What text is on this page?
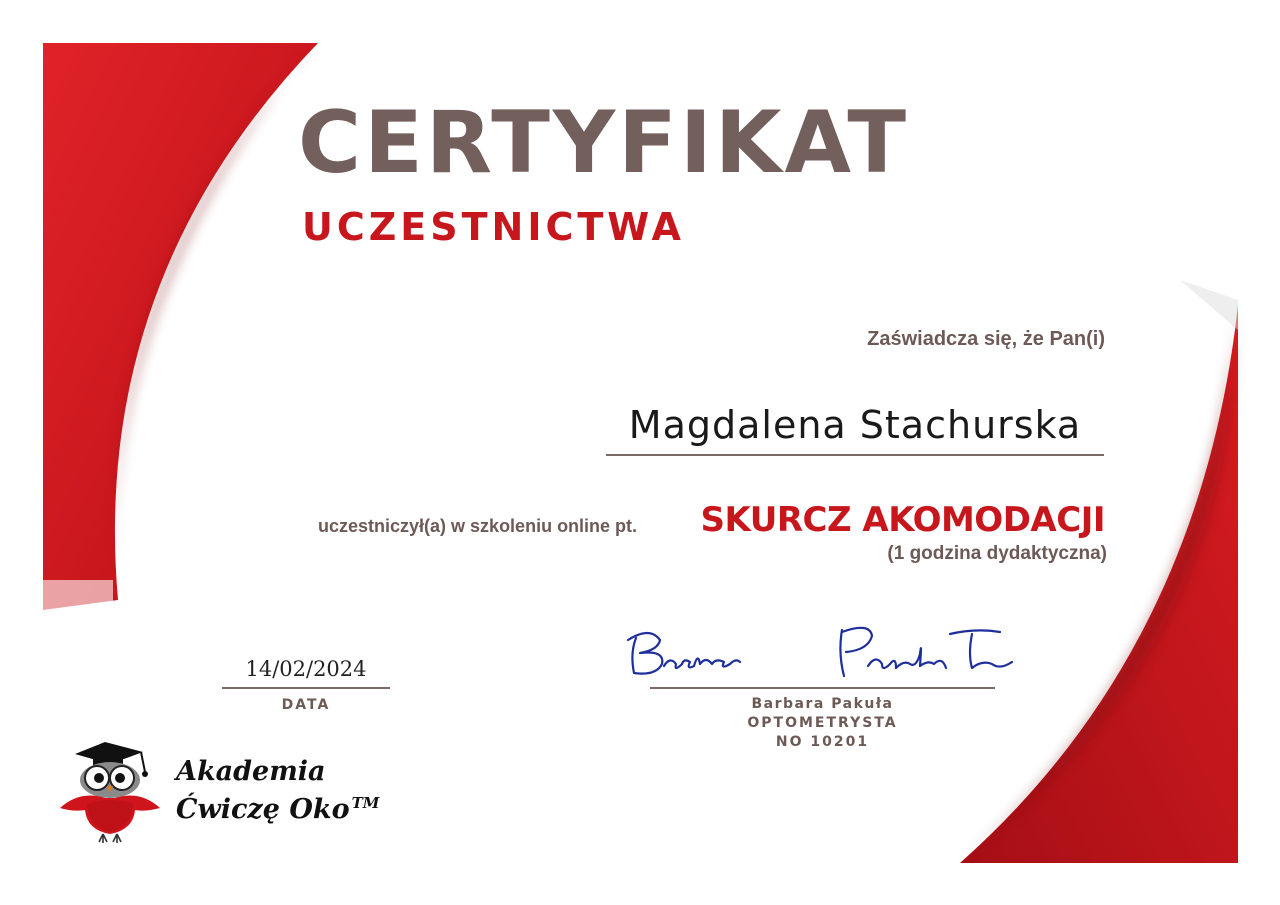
CERTYFIKAT
UCZESTNICTWA
Zaświadcza się, że Pan(i)
Magdalena Stachurska
uczestniczył(a) w szkoleniu online pt. SKURCZ AKOMODACJI
(1 godzina dydaktyczna)
14/02/2024
DATA	Barbara Pakuła
OPTOMETRYSTA
NO 10201
Akademia
Ćwiczę Oko ™
